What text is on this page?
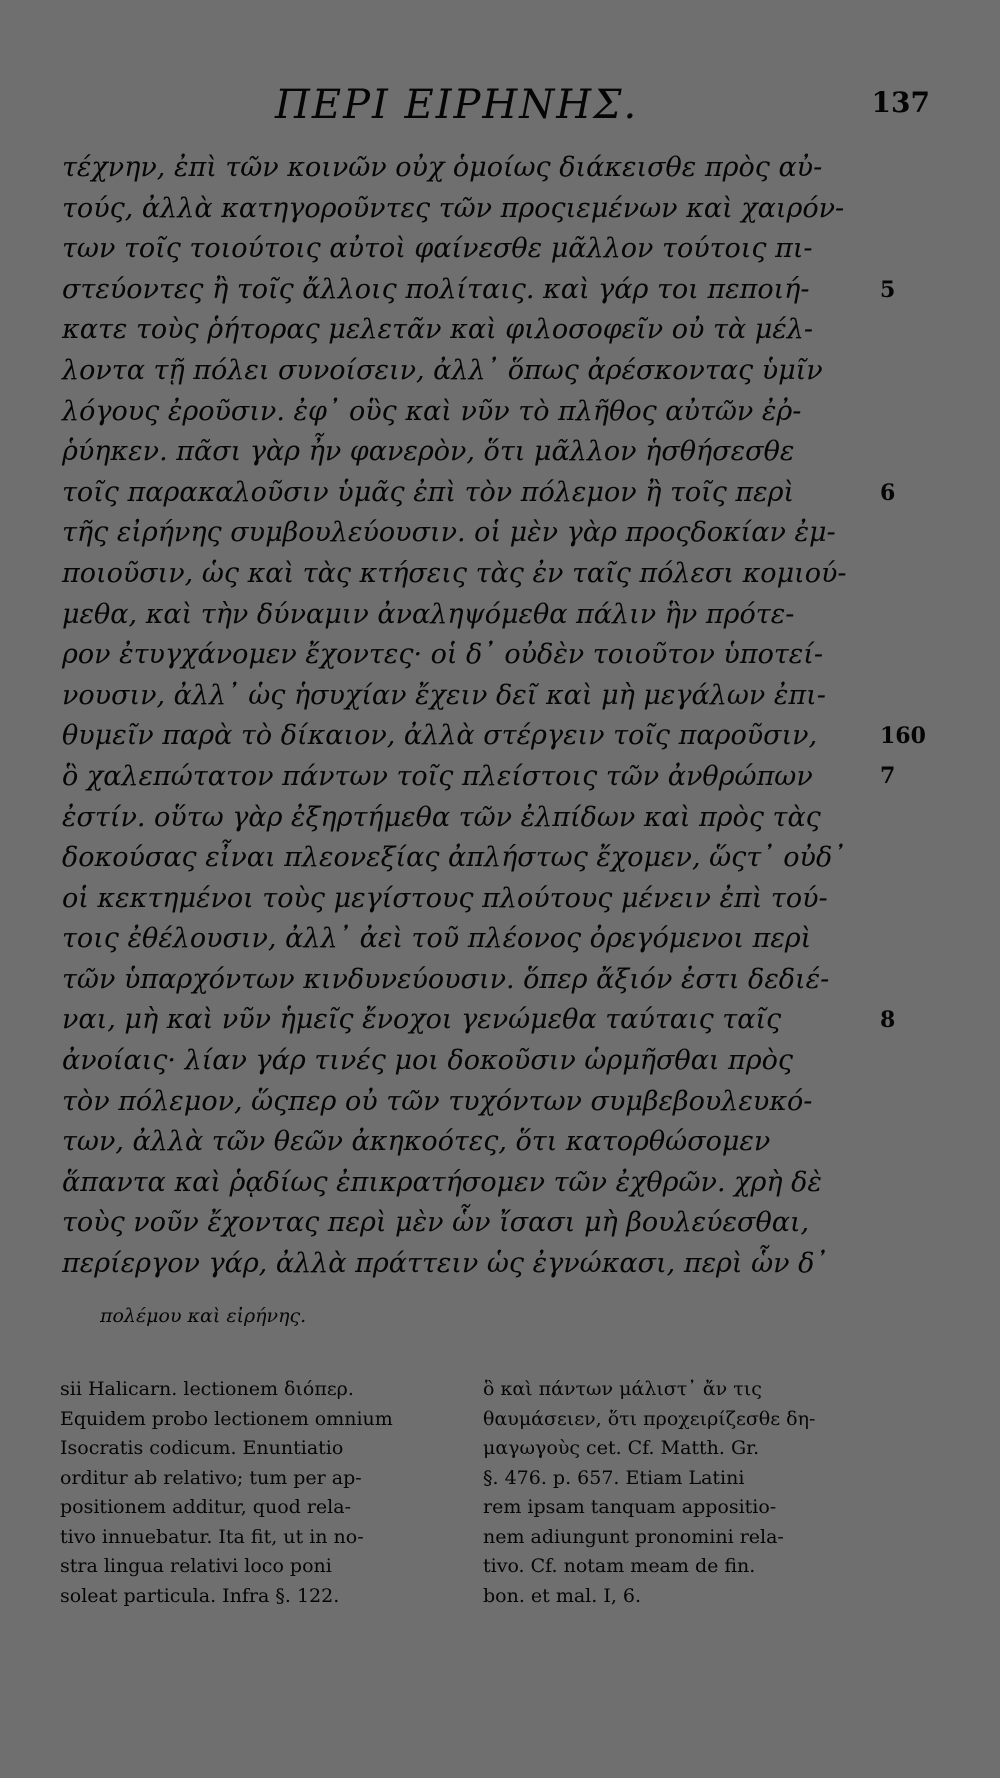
ΠΕΡΙ ΕΙΡΗΝΗΣ.	137
τέχνην, ἐπὶ τῶν κοινῶν οὐχ ὁμοίως διάκεισθε πρὸς αὐ-
τούς, ἀλλὰ κατηγοροῦντες τῶν προςιεμένων καὶ χαιρόν-
των τοῖς τοιούτοις αὐτοὶ φαίνεσθε μᾶλλον τούτοις πι-
στεύοντες ἢ τοῖς ἄλλοις πολίταις. καὶ γάρ τοι πεποιή-
κατε τοὺς ῥήτορας μελετᾶν καὶ φιλοσοφεῖν οὐ τὰ μέλ-
λοντα τῇ πόλει συνοίσειν, ἀλλ᾽ ὅπως ἀρέσκοντας ὑμῖν
λόγους ἐροῦσιν. ἐφ᾽ οὓς καὶ νῦν τὸ πλῆθος αὐτῶν ἐῤ-
ῥύηκεν. πᾶσι γὰρ ἦν φανερὸν, ὅτι μᾶλλον ἡσθήσεσθε
τοῖς παρακαλοῦσιν ὑμᾶς ἐπὶ τὸν πόλεμον ἢ τοῖς περὶ
τῆς εἰρήνης συμβουλεύουσιν. οἱ μὲν γὰρ προςδοκίαν ἐμ-
ποιοῦσιν, ὡς καὶ τὰς κτήσεις τὰς ἐν ταῖς πόλεσι κομιού-
μεθα, καὶ τὴν δύναμιν ἀναληψόμεθα πάλιν ἣν πρότε-
ρον ἐτυγχάνομεν ἔχοντες· οἱ δ᾽ οὐδὲν τοιοῦτον ὑποτεί-
νουσιν, ἀλλ᾽ ὡς ἡσυχίαν ἔχειν δεῖ καὶ μὴ μεγάλων ἐπι-
θυμεῖν παρὰ τὸ δίκαιον, ἀλλὰ στέργειν τοῖς παροῦσιν,
ὃ χαλεπώτατον πάντων τοῖς πλείστοις τῶν ἀνθρώπων
ἐστίν. οὕτω γὰρ ἐξηρτήμεθα τῶν ἐλπίδων καὶ πρὸς τὰς
δοκούσας εἶναι πλεονεξίας ἀπλήστως ἔχομεν, ὥςτ᾽ οὐδ᾽
οἱ κεκτημένοι τοὺς μεγίστους πλούτους μένειν ἐπὶ τού-
τοις ἐθέλουσιν, ἀλλ᾽ ἀεὶ τοῦ πλέονος ὀρεγόμενοι περὶ
τῶν ὑπαρχόντων κινδυνεύουσιν. ὅπερ ἄξιόν ἐστι δεδιέ-
ναι, μὴ καὶ νῦν ἡμεῖς ἔνοχοι γενώμεθα ταύταις ταῖς
ἀνοίαις· λίαν γάρ τινές μοι δοκοῦσιν ὡρμῆσθαι πρὸς
τὸν πόλεμον, ὥςπερ οὐ τῶν τυχόντων συμβεβουλευκό-
των, ἀλλὰ τῶν θεῶν ἀκηκοότες, ὅτι κατορθώσομεν
ἅπαντα καὶ ῥᾳδίως ἐπικρατήσομεν τῶν ἐχθρῶν. χρὴ δὲ
τοὺς νοῦν ἔχοντας περὶ μὲν ὧν ἴσασι μὴ βουλεύεσθαι,
περίεργον γάρ, ἀλλὰ πράττειν ὡς ἐγνώκασι, περὶ ὧν δ᾽
5
6
160
7
8
πολέμου καὶ εἰρήνης.
sii Halicarn. lectionem διόπερ.
Equidem probo lectionem omnium
Isocratis codicum. Enuntiatio
orditur ab relativo; tum per ap-
positionem additur, quod rela-
tivo innuebatur. Ita fit, ut in no-
stra lingua relativi loco poni
soleat particula. Infra §. 122.
ὃ καὶ πάντων μάλιστ᾽ ἄν τις
θαυμάσειεν, ὅτι προχειρίζεσθε δη-
μαγωγοὺς cet. Cf. Matth. Gr.
§. 476. p. 657. Etiam Latini
rem ipsam tanquam appositio-
nem adiungunt pronomini rela-
tivo. Cf. notam meam de fin.
bon. et mal. I, 6.
